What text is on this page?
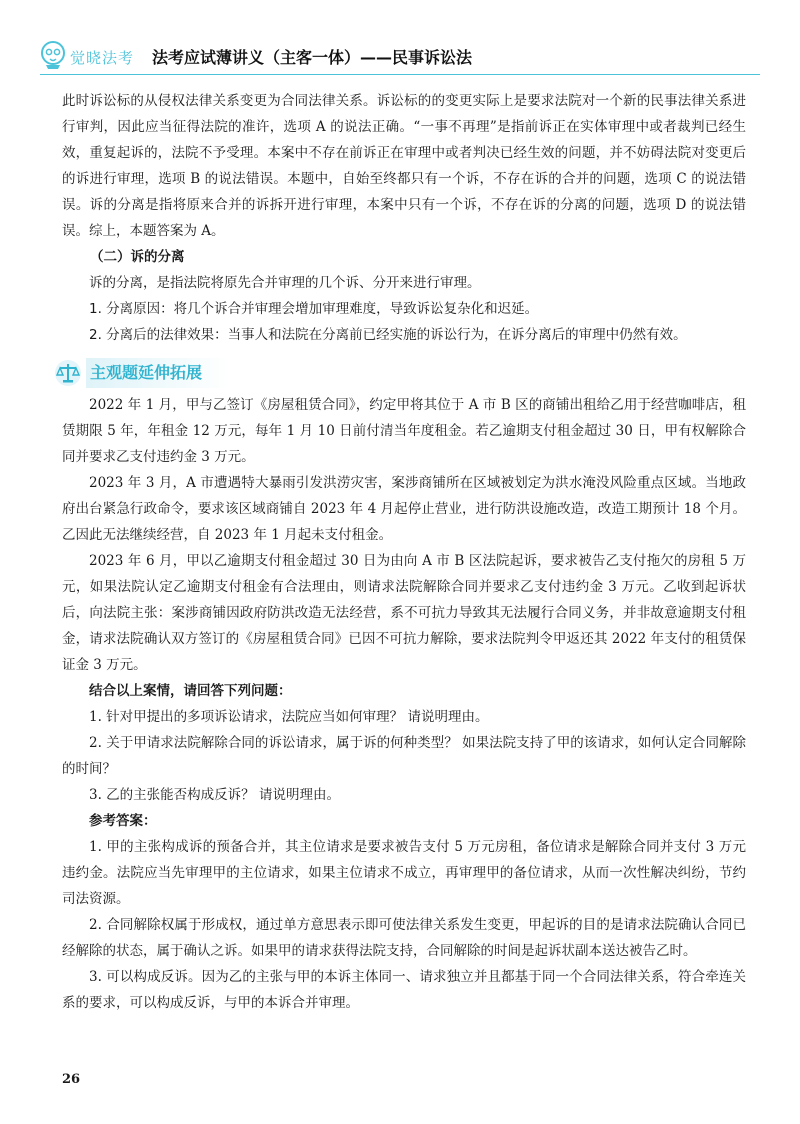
觉晓法考 法考应试薄讲义（主客一体）——民事诉讼法

此时诉讼标的从侵权法律关系变更为合同法律关系。诉讼标的的变更实际上是要求法院对一个新的民事法律关系进行审判，因此应当征得法院的准许，选项 A 的说法正确。“一事不再理”是指前诉正在实体审理中或者裁判已经生效，重复起诉的，法院不予受理。本案中不存在前诉正在审理中或者判决已经生效的问题，并不妨碍法院对变更后的诉进行审理，选项 B 的说法错误。本题中，自始至终都只有一个诉，不存在诉的合并的问题，选项 C 的说法错误。诉的分离是指将原来合并的诉拆开进行审理，本案中只有一个诉，不存在诉的分离的问题，选项 D 的说法错误。综上，本题答案为 A。

（二）诉的分离

诉的分离，是指法院将原先合并审理的几个诉、分开来进行审理。

1. 分离原因：将几个诉合并审理会增加审理难度，导致诉讼复杂化和迟延。

2. 分离后的法律效果：当事人和法院在分离前已经实施的诉讼行为，在诉分离后的审理中仍然有效。

主观题延伸拓展

2022 年 1 月，甲与乙签订《房屋租赁合同》，约定甲将其位于 A 市 B 区的商铺出租给乙用于经营咖啡店，租赁期限 5 年，年租金 12 万元，每年 1 月 10 日前付清当年度租金。若乙逾期支付租金超过 30 日，甲有权解除合同并要求乙支付违约金 3 万元。

2023 年 3 月，A 市遭遇特大暴雨引发洪涝灾害，案涉商铺所在区域被划定为洪水淹没风险重点区域。当地政府出台紧急行政命令，要求该区域商铺自 2023 年 4 月起停止营业，进行防洪设施改造，改造工期预计 18 个月。乙因此无法继续经营，自 2023 年 1 月起未支付租金。

2023 年 6 月，甲以乙逾期支付租金超过 30 日为由向 A 市 B 区法院起诉，要求被告乙支付拖欠的房租 5 万元，如果法院认定乙逾期支付租金有合法理由，则请求法院解除合同并要求乙支付违约金 3 万元。乙收到起诉状后，向法院主张：案涉商铺因政府防洪改造无法经营，系不可抗力导致其无法履行合同义务，并非故意逾期支付租金，请求法院确认双方签订的《房屋租赁合同》已因不可抗力解除，要求法院判令甲返还其 2022 年支付的租赁保证金 3 万元。

结合以上案情，请回答下列问题：

1. 针对甲提出的多项诉讼请求，法院应当如何审理？ 请说明理由。

2. 关于甲请求法院解除合同的诉讼请求，属于诉的何种类型？ 如果法院支持了甲的该请求，如何认定合同解除的时间？

3. 乙的主张能否构成反诉？ 请说明理由。

参考答案：

1. 甲的主张构成诉的预备合并，其主位请求是要求被告支付 5 万元房租，备位请求是解除合同并支付 3 万元违约金。法院应当先审理甲的主位请求，如果主位请求不成立，再审理甲的备位请求，从而一次性解决纠纷，节约司法资源。

2. 合同解除权属于形成权，通过单方意思表示即可使法律关系发生变更，甲起诉的目的是请求法院确认合同已经解除的状态，属于确认之诉。如果甲的请求获得法院支持，合同解除的时间是起诉状副本送达被告乙时。

3. 可以构成反诉。因为乙的主张与甲的本诉主体同一、请求独立并且都基于同一个合同法律关系，符合牵连关系的要求，可以构成反诉，与甲的本诉合并审理。

26
